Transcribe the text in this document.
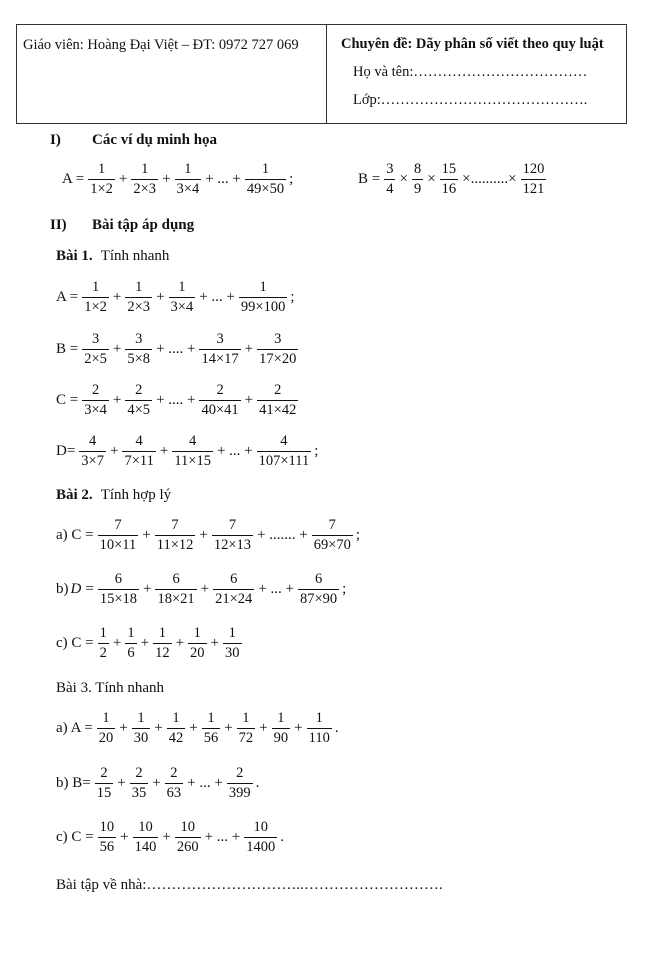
Giáo viên: Hoàng Đại Việt – ĐT: 0972 727 069	Chuyên đề: Dãy phân số viết theo quy luật
Họ và tên:………………………………
Lớp:…………………………………….
I) Các ví dụ minh họa
$A = \frac{1}{1\times 2} + \frac{1}{2\times 3} + \frac{1}{3\times 4}$ + ... + $\frac{1}{49\times 50}$ ;	$B = \frac{3}{4} \times \frac{8}{9} \times \frac{15}{16}$ ×..........× $\frac{120}{121}$
II) Bài tập áp dụng
Bài 1. Tính nhanh
$A = \frac{1}{1\times 2} + \frac{1}{2\times 3} + \frac{1}{3\times 4}$ + ... + $\frac{1}{99\times 100}$ ;
$B = \frac{3}{2\times 5} + \frac{3}{5\times 8}$ + .... + $\frac{3}{14\times 17} + \frac{3}{17\times 20}$
$C = \frac{2}{3\times 4} + \frac{2}{4\times 5}$ + .... + $\frac{2}{40\times 41} + \frac{2}{41\times 42}$
$D= \frac{4}{3\times 7} + \frac{4}{7\times 11} + \frac{4}{11\times 15}$ + ... + $\frac{4}{107\times 111}$ ;
Bài 2. Tính hợp lý
a) $C = \frac{7}{10\times 11} + \frac{7}{11\times 12} + \frac{7}{12\times 13}$ + ....... + $\frac{7}{69\times 70}$ ;
b) $D = \frac{6}{15\times 18} + \frac{6}{18\times 21} + \frac{6}{21\times 24}$ + ... + $\frac{6}{87\times 90}$ ;
c) $C = \frac{1}{2} + \frac{1}{6} + \frac{1}{12} + \frac{1}{20} + \frac{1}{30}$
Bài 3. Tính nhanh
a) $A = \frac{1}{20} + \frac{1}{30} + \frac{1}{42} + \frac{1}{56} + \frac{1}{72} + \frac{1}{90} + \frac{1}{110}$ .
b) $B= \frac{2}{15} + \frac{2}{35} + \frac{2}{63}$ + ... + $\frac{2}{399}$ .
c) $C = \frac{10}{56} + \frac{10}{140} + \frac{10}{260}$ + ... + $\frac{10}{1400}$ .
Bài tập về nhà:…………………………..……………………….
